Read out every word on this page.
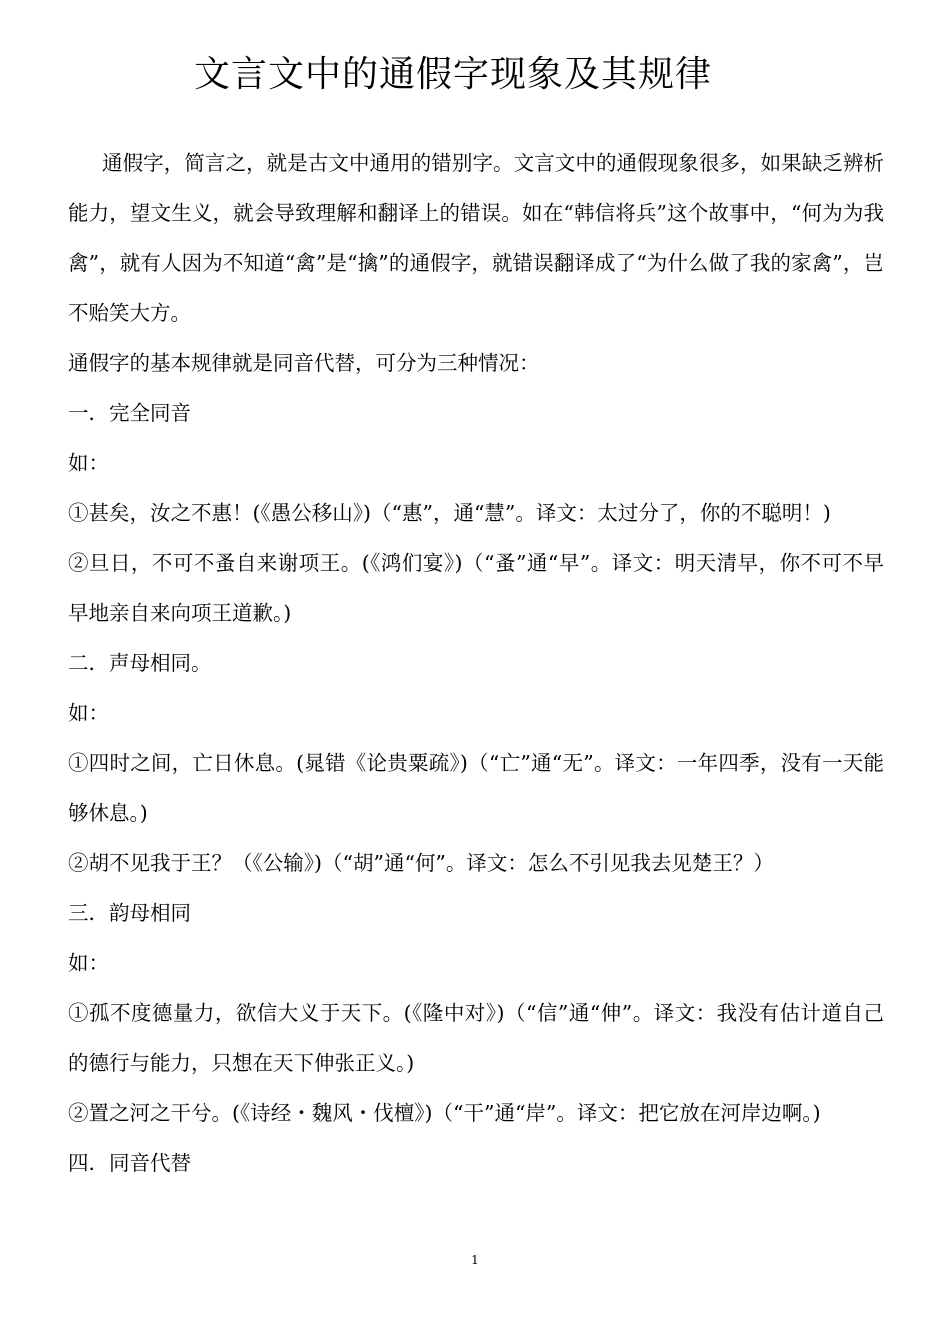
文言文中的通假字现象及其规律

通假字，简言之，就是古文中通用的错别字。文言文中的通假现象很多，如果缺乏辨析能力，望文生义，就会导致理解和翻译上的错误。如在“韩信将兵”这个故事中，“何为为我禽”，就有人因为不知道“禽”是“擒”的通假字，就错误翻译成了“为什么做了我的家禽”，岂不贻笑大方。

通假字的基本规律就是同音代替，可分为三种情况：

一．完全同音

如：

①甚矣，汝之不惠！(《愚公移山》)（“惠”，通“慧”。译文：太过分了，你的不聪明！)

②旦日，不可不蚤自来谢项王。(《鸿们宴》)（“蚤”通“早”。译文：明天清早，你不可不早早地亲自来向项王道歉。)

二．声母相同。

如：

①四时之间，亡日休息。(晁错《论贵粟疏》)（“亡”通“无”。译文：一年四季，没有一天能够休息。)

②胡不见我于王？（《公输》)（“胡”通“何”。译文：怎么不引见我去见楚王？）

三．韵母相同

如：

①孤不度德量力，欲信大义于天下。(《隆中对》)（“信”通“伸”。译文：我没有估计道自己的德行与能力，只想在天下伸张正义。)

②置之河之干兮。(《诗经・魏风・伐檀》)（“干”通“岸”。译文：把它放在河岸边啊。)

四．同音代替

1
